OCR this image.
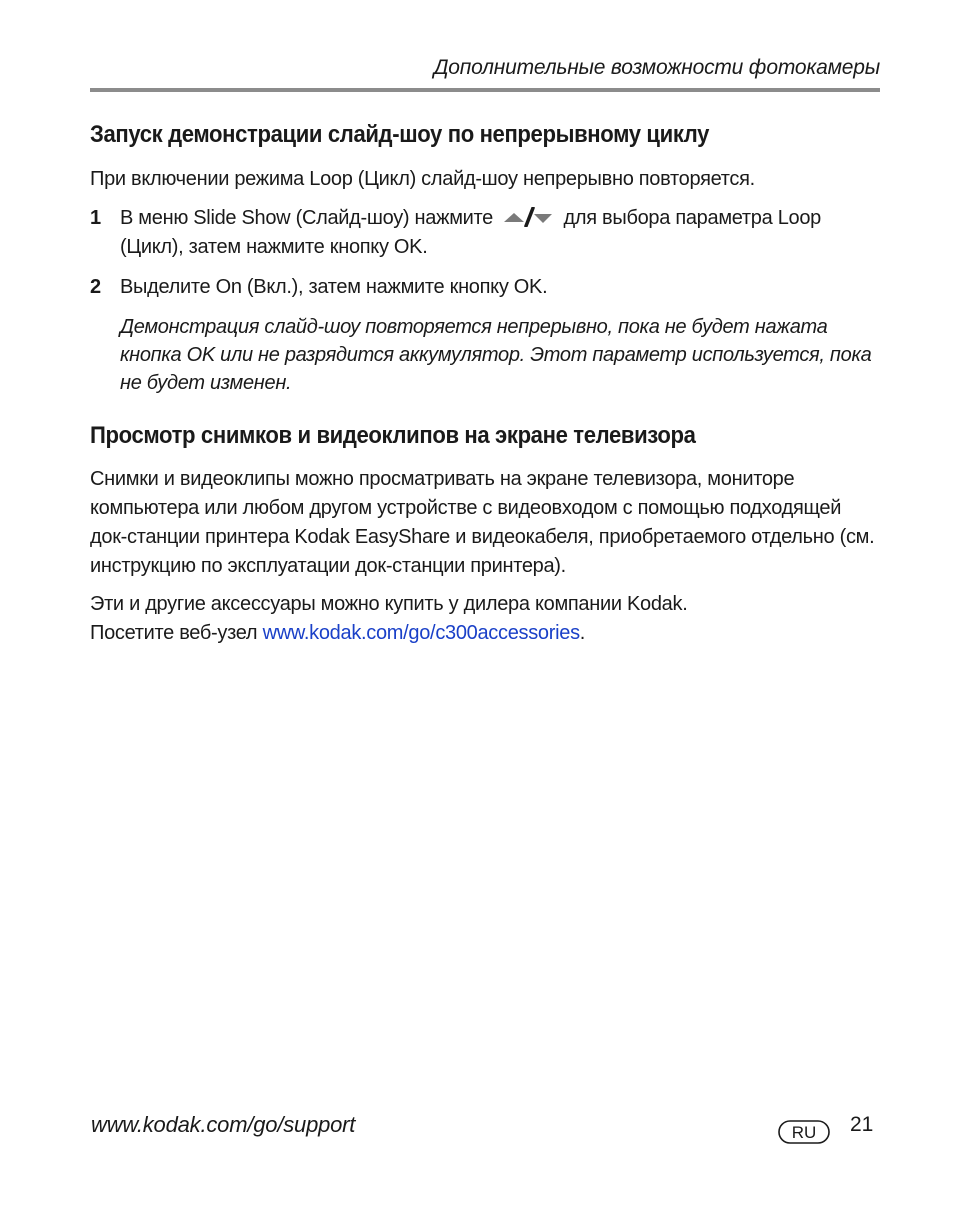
Дополнительные возможности фотокамеры
Запуск демонстрации слайд-шоу по непрерывному циклу

При включении режима Loop (Цикл) слайд-шоу непрерывно повторяется.

1 В меню Slide Show (Слайд-шоу) нажмите	для выбора параметра Loop (Цикл), затем нажмите кнопку OK.
2 Выделите On (Вкл.), затем нажмите кнопку OK.

Демонстрация слайд-шоу повторяется непрерывно, пока не будет нажата кнопка OK или не разрядится аккумулятор. Этот параметр используется, пока не будет изменен.

Просмотр снимков и видеоклипов на экране телевизора

Снимки и видеоклипы можно просматривать на экране телевизора, мониторе компьютера или любом другом устройстве с видеовходом с помощью подходящей док-станции принтера Kodak EasyShare и видеокабеля, приобретаемого отдельно (см. инструкцию по эксплуатации док-станции принтера).

Эти и другие аксессуары можно купить у дилера компании Kodak.
Посетите веб-узел www.kodak.com/go/c300accessories.

www.kodak.com/go/support	RU 21
